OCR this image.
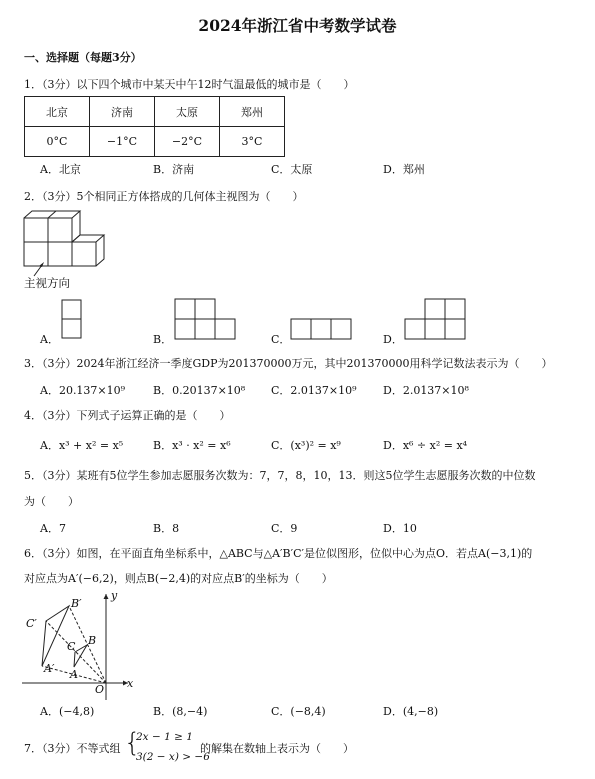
2024年浙江省中考数学试卷
一、选择题（每题3分）
1．（3分）以下四个城市中某天中午12时气温最低的城市是（　　）
北京	济南	太原	郑州
0°C	−1°C	−2°C	3°C
A．北京	B．济南	C．太原	D．郑州
2．（3分）5个相同正方体搭成的几何体主视图为（　　）
主视方向
A．	B．	C．	D．
3．（3分）2024年浙江经济一季度GDP为201370000万元，其中201370000用科学记数法表示为（　　）
A．20.137×10⁹	B．0.20137×10⁸ C．2.0137×10⁹ D．2.0137×10⁸
4．（3分）下列式子运算正确的是（　　）
A．x³ + x² = x⁵	B．x³ · x² = x⁶	C．(x³)² = x⁹	D．x⁶ ÷ x² = x⁴
5．（3分）某班有5位学生参加志愿服务次数为：7，7，8，10，13．则这5位学生志愿服务次数的中位数
为（　　）
A．7	B．8	C．9	D．10
6．（3分）如图，在平面直角坐标系中，△ABC与△A′B′C′是位似图形，位似中心为点O．若点A(−3,1)的
对应点为A′(−6,2)，则点B(−2,4)的对应点B′的坐标为（　　）
y
x
O
A
B
C
A′
B′
C′
A．(−4,8)	B．(8,−4)	C．(−8,4)	D．(4,−8)
7．（3分）不等式组 {
2x − 1 ≥ 1
3(2 − x) > −6
的解集在数轴上表示为（　　）
